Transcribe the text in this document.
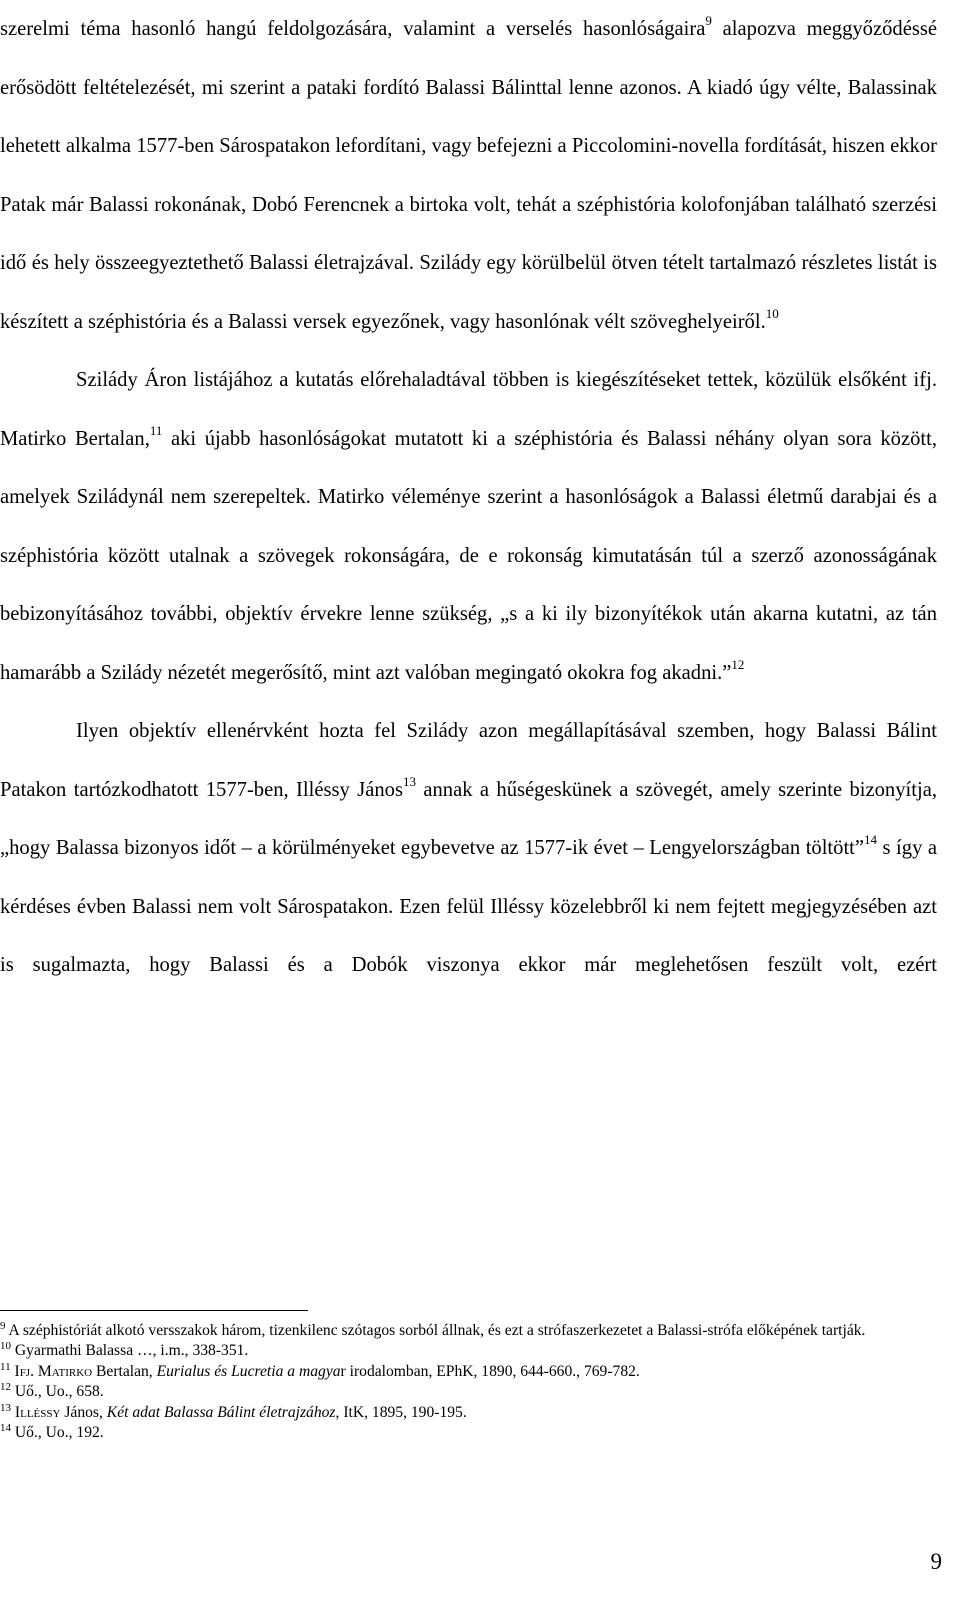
szerelmi téma hasonló hangú feldolgozására, valamint a verselés hasonlóságaira$^9$ alapozva meggyőződéssé erősödött feltételezését, mi szerint a pataki fordító Balassi Bálinttal lenne azonos. A kiadó úgy vélte, Balassinak lehetett alkalma 1577-ben Sárospatakon lefordítani, vagy befejezni a Piccolomini-novella fordítását, hiszen ekkor Patak már Balassi rokonának, Dobó Ferencnek a birtoka volt, tehát a széphistória kolofonjában található szerzési idő és hely összeegyeztethető Balassi életrajzával. Szilády egy körülbelül ötven tételt tartalmazó részletes listát is készített a széphistória és a Balassi versek egyezőnek, vagy hasonlónak vélt szöveghelyeiről.$^{10}$

Szilády Áron listájához a kutatás előrehaladtával többen is kiegészítéseket tettek, közülük elsőként ifj. Matirko Bertalan,$^{11}$ aki újabb hasonlóságokat mutatott ki a széphistória és Balassi néhány olyan sora között, amelyek Sziládynál nem szerepeltek. Matirko véleménye szerint a hasonlóságok a Balassi életmű darabjai és a széphistória között utalnak a szövegek rokonságára, de e rokonság kimutatásán túl a szerző azonosságának bebizonyításához további, objektív érvekre lenne szükség, „s a ki ily bizonyítékok után akarna kutatni, az tán hamarább a Szilády nézetét megerősítő, mint azt valóban megingató okokra fog akadni.”$^{12}$

Ilyen objektív ellenérvként hozta fel Szilády azon megállapításával szemben, hogy Balassi Bálint Patakon tartózkodhatott 1577-ben, Illéssy János$^{13}$ annak a hűségeskünek a szövegét, amely szerinte bizonyítja, „hogy Balassa bizonyos időt – a körülményeket egybevetve az 1577-ik évet – Lengyelországban töltött”$^{14}$ s így a kérdéses évben Balassi nem volt Sárospatakon. Ezen felül Illéssy közelebbről ki nem fejtett megjegyzésében azt is sugalmazta, hogy Balassi és a Dobók viszonya ekkor már meglehetősen feszült volt, ezért

$^9$ A széphistóriát alkotó versszakok három, tizenkilenc szótagos sorból állnak, és ezt a strófaszerkezetet a Balassi-strófa előképének tartják.

$^{10}$ Gyarmathi Balassa …, i.m., 338-351.

$^{11}$ Ifj. Matirko Bertalan, Eurialus és Lucretia a magyar irodalomban, EPhK, 1890, 644-660., 769-782.

$^{12}$ Uő., Uo., 658.

$^{13}$ Illéssy János, Két adat Balassa Bálint életrajzához, ItK, 1895, 190-195.

$^{14}$ Uő., Uo., 192.

9
